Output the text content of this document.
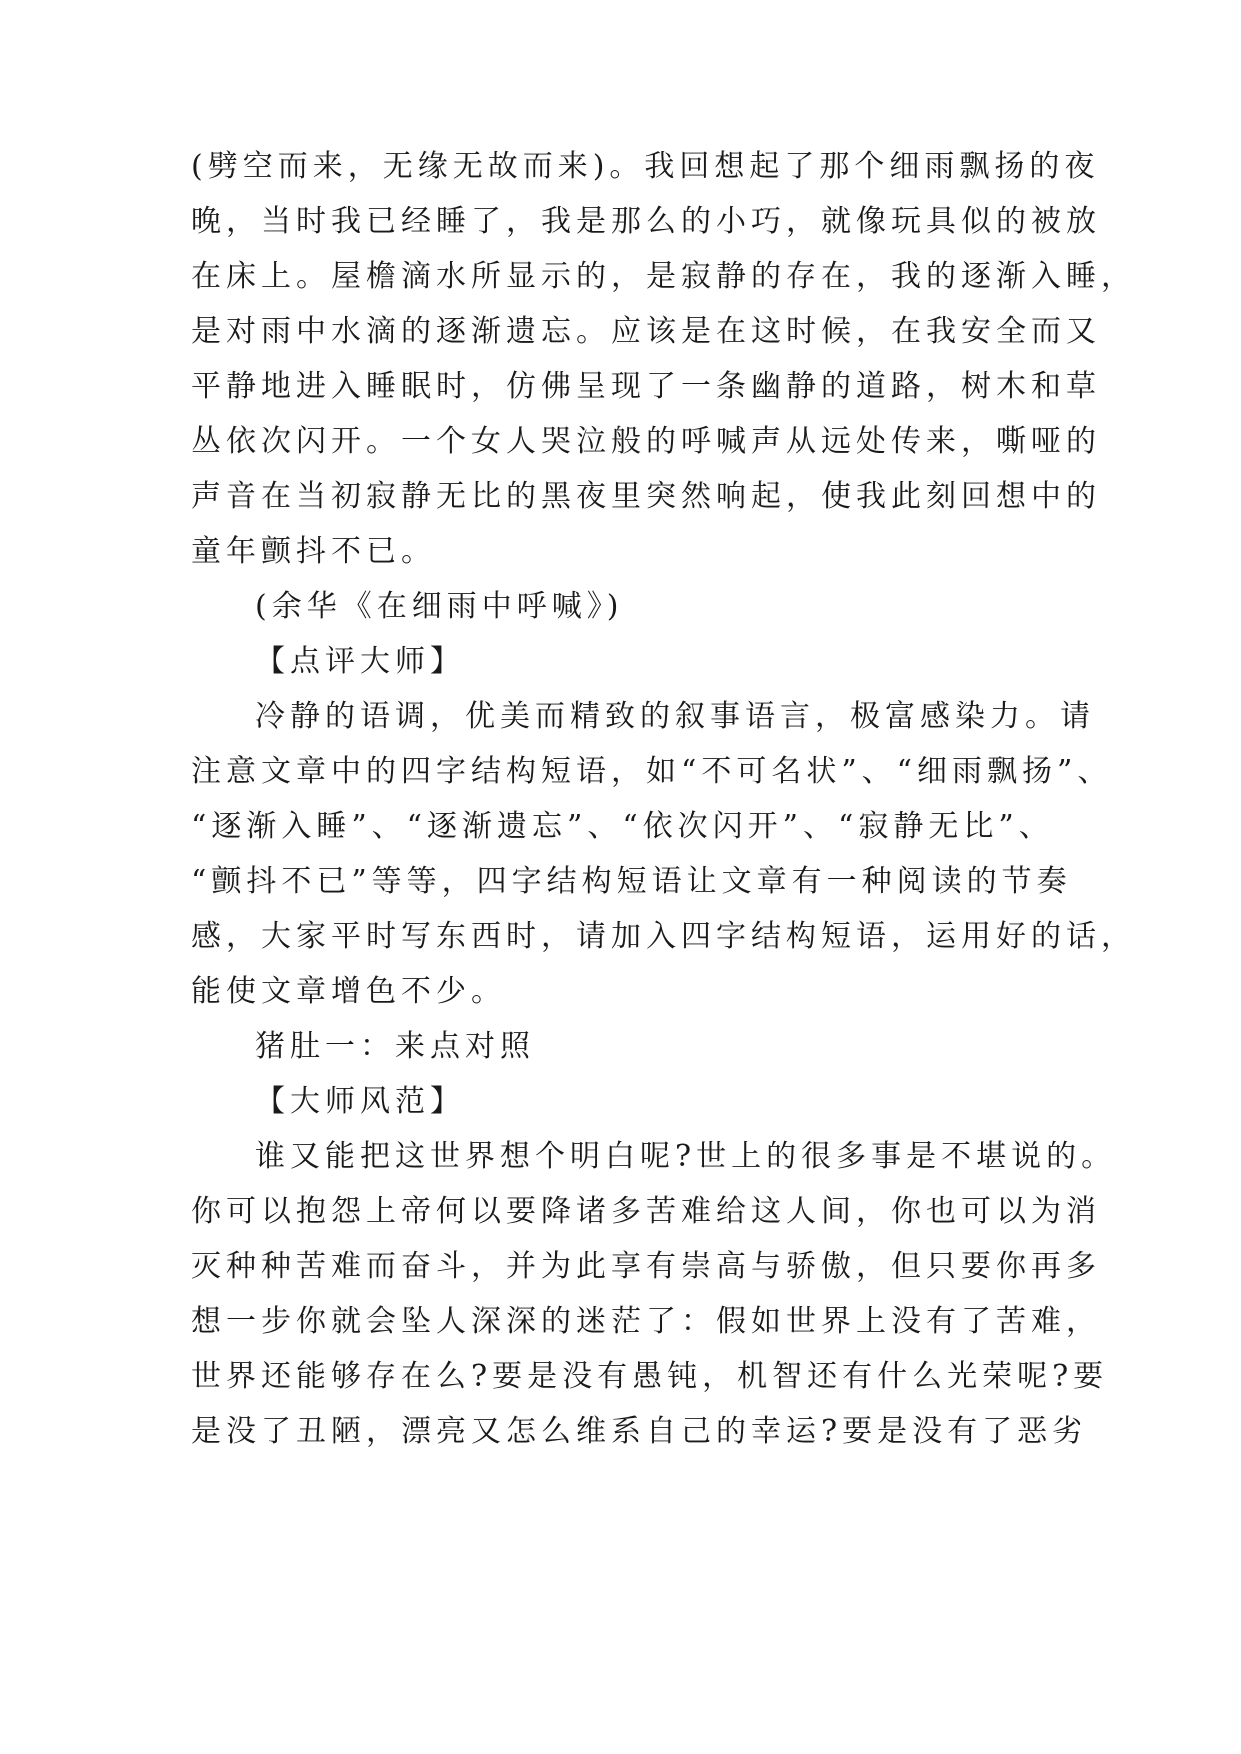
(劈空而来，无缘无故而来)。我回想起了那个细雨飘扬的夜
晚，当时我已经睡了，我是那么的小巧，就像玩具似的被放
在床上。屋檐滴水所显示的，是寂静的存在，我的逐渐入睡，
是对雨中水滴的逐渐遗忘。应该是在这时候，在我安全而又
平静地进入睡眠时，仿佛呈现了一条幽静的道路，树木和草
丛依次闪开。一个女人哭泣般的呼喊声从远处传来，嘶哑的
声音在当初寂静无比的黑夜里突然响起，使我此刻回想中的
童年颤抖不已。
(余华《在细雨中呼喊》)
【点评大师】
冷静的语调，优美而精致的叙事语言，极富感染力。请
注意文章中的四字结构短语，如“不可名状”、“细雨飘扬”、
“逐渐入睡”、“逐渐遗忘”、“依次闪开”、“寂静无比”、
“颤抖不已”等等，四字结构短语让文章有一种阅读的节奏
感，大家平时写东西时，请加入四字结构短语，运用好的话，
能使文章增色不少。
猪肚一：来点对照
【大师风范】
谁又能把这世界想个明白呢?世上的很多事是不堪说的。
你可以抱怨上帝何以要降诸多苦难给这人间，你也可以为消
灭种种苦难而奋斗，并为此享有崇高与骄傲，但只要你再多
想一步你就会坠人深深的迷茫了：假如世界上没有了苦难，
世界还能够存在么?要是没有愚钝，机智还有什么光荣呢?要
是没了丑陋，漂亮又怎么维系自己的幸运?要是没有了恶劣
